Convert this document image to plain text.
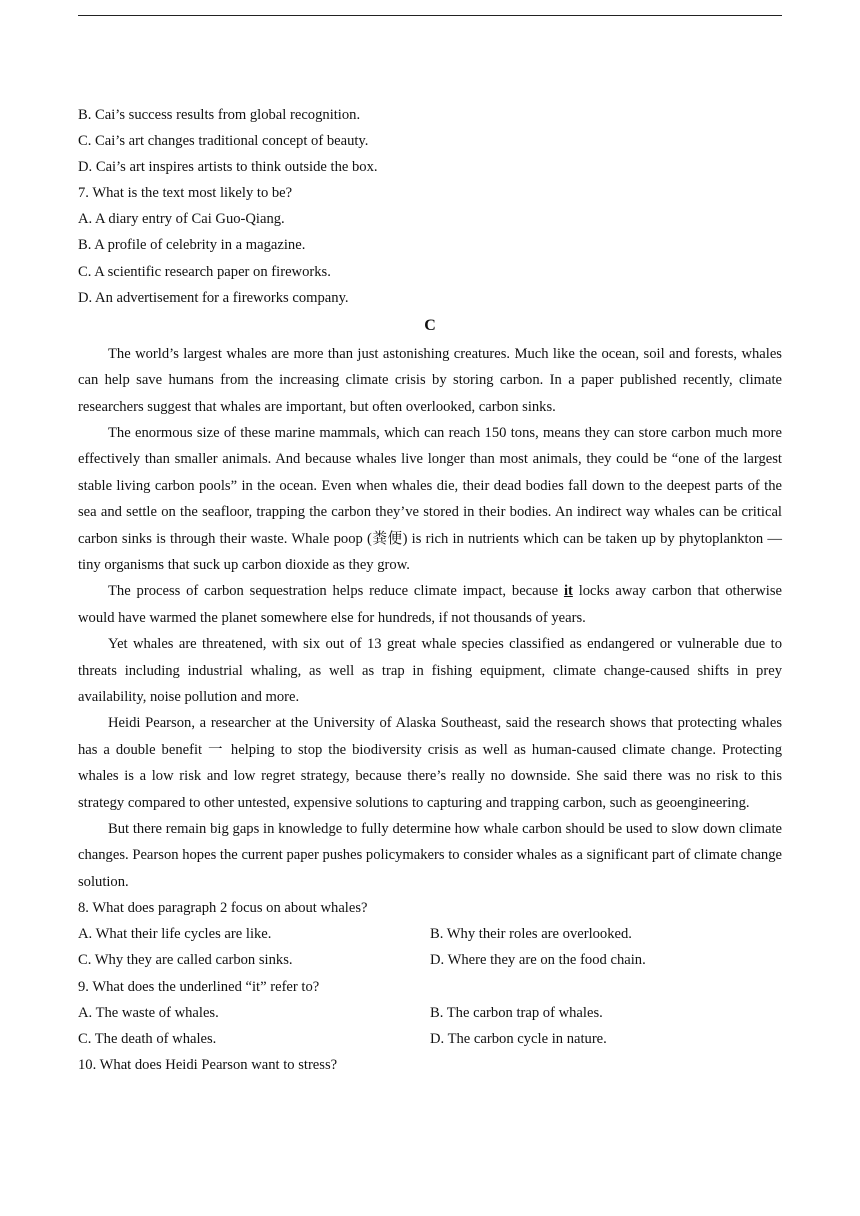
B. Cai’s success results from global recognition.
C. Cai’s art changes traditional concept of beauty.
D. Cai’s art inspires artists to think outside the box.
7. What is the text most likely to be?
A. A diary entry of Cai Guo-Qiang.
B. A profile of celebrity in a magazine.
C. A scientific research paper on fireworks.
D. An advertisement for a fireworks company.
C

The world’s largest whales are more than just astonishing creatures. Much like the ocean, soil and forests, whales can help save humans from the increasing climate crisis by storing carbon. In a paper published recently, climate researchers suggest that whales are important, but often overlooked, carbon sinks.

The enormous size of these marine mammals, which can reach 150 tons, means they can store carbon much more effectively than smaller animals. And because whales live longer than most animals, they could be “one of the largest stable living carbon pools” in the ocean. Even when whales die, their dead bodies fall down to the deepest parts of the sea and settle on the seafloor, trapping the carbon they’ve stored in their bodies. An indirect way whales can be critical carbon sinks is through their waste. Whale poop (粪便) is rich in nutrients which can be taken up by phytoplankton — tiny organisms that suck up carbon dioxide as they grow.

The process of carbon sequestration helps reduce climate impact, because it locks away carbon that otherwise would have warmed the planet somewhere else for hundreds, if not thousands of years.

Yet whales are threatened, with six out of 13 great whale species classified as endangered or vulnerable due to threats including industrial whaling, as well as trap in fishing equipment, climate change-caused shifts in prey availability, noise pollution and more.

Heidi Pearson, a researcher at the University of Alaska Southeast, said the research shows that protecting whales has a double benefit 一 helping to stop the biodiversity crisis as well as human-caused climate change. Protecting whales is a low risk and low regret strategy, because there’s really no downside. She said there was no risk to this strategy compared to other untested, expensive solutions to capturing and trapping carbon, such as geoengineering.

But there remain big gaps in knowledge to fully determine how whale carbon should be used to slow down climate changes. Pearson hopes the current paper pushes policymakers to consider whales as a significant part of climate change solution.

8. What does paragraph 2 focus on about whales?
A. What their life cycles are like.	B. Why their roles are overlooked.
C. Why they are called carbon sinks.	D. Where they are on the food chain.
9. What does the underlined “it” refer to?
A. The waste of whales.	B. The carbon trap of whales.
C. The death of whales.	D. The carbon cycle in nature.
10. What does Heidi Pearson want to stress?
